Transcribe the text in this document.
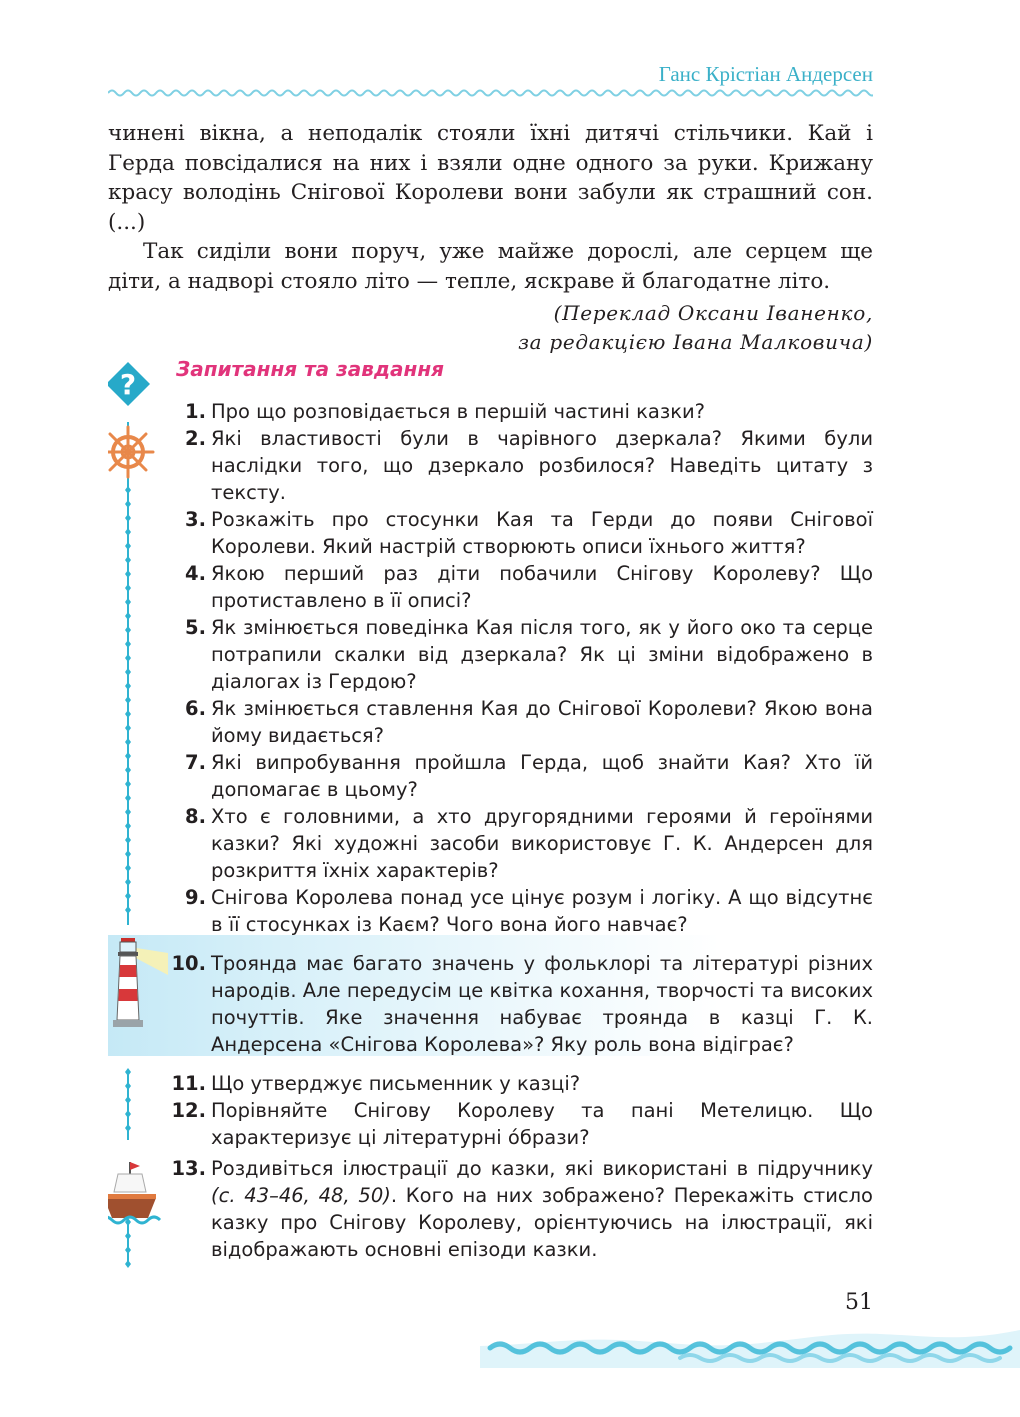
Ганс Крістіан Андерсен

чинені вікна, а неподалік стояли їхні дитячі стільчики. Кай і Герда повсідалися на них і взяли одне одного за руки. Крижану красу володінь Снігової Королеви вони забули як страшний сон. (...)

Так сиділи вони поруч, уже майже дорослі, але серцем ще діти, а надворі стояло літо — тепле, яскраве й благодатне літо.

(Переклад Оксани Іваненко,
за редакцією Івана Малковича)
? Запитання та завдання
1. Про що розповідається в першій частині казки?
2. Які властивості були в чарівного дзеркала? Якими були наслідки того, що дзеркало розбилося? Наведіть цитату з тексту.
3. Розкажіть про стосунки Кая та Герди до появи Снігової Королеви. Який настрій створюють описи їхнього життя?
4. Якою перший раз діти побачили Снігову Королеву? Що протиставлено в її описі?
5. Як змінюється поведінка Кая після того, як у його око та серце потрапили скалки від дзеркала? Як ці зміни відображено в діалогах із Гердою?
6. Як змінюється ставлення Кая до Снігової Королеви? Якою вона йому видається?
7. Які випробування пройшла Герда, щоб знайти Кая? Хто їй допомагає в цьому?
8. Хто є головними, а хто другорядними героями й героїнями казки? Які художні засоби використовує Г. К. Андерсен для розкриття їхніх характерів?
9. Снігова Королева понад усе цінує розум і логіку. А що відсутнє в її стосунках із Каєм? Чого вона його навчає?
10. Троянда має багато значень у фольклорі та літературі різних народів. Але передусім це квітка кохання, творчості та високих почуттів. Яке значення набуває троянда в казці Г. К. Андерсена «Снігова Королева»? Яку роль вона відіграє?
11. Що утверджує письменник у казці?
12. Порівняйте Снігову Королеву та пані Метелицю. Що характеризує ці літературні óбрази?
13. Роздивіться ілюстрації до казки, які використані в підручнику (с. 43–46, 48, 50). Кого на них зображено? Перекажіть стисло казку про Снігову Королеву, орієнтуючись на ілюстрації, які відображають основні епізоди казки.
51
